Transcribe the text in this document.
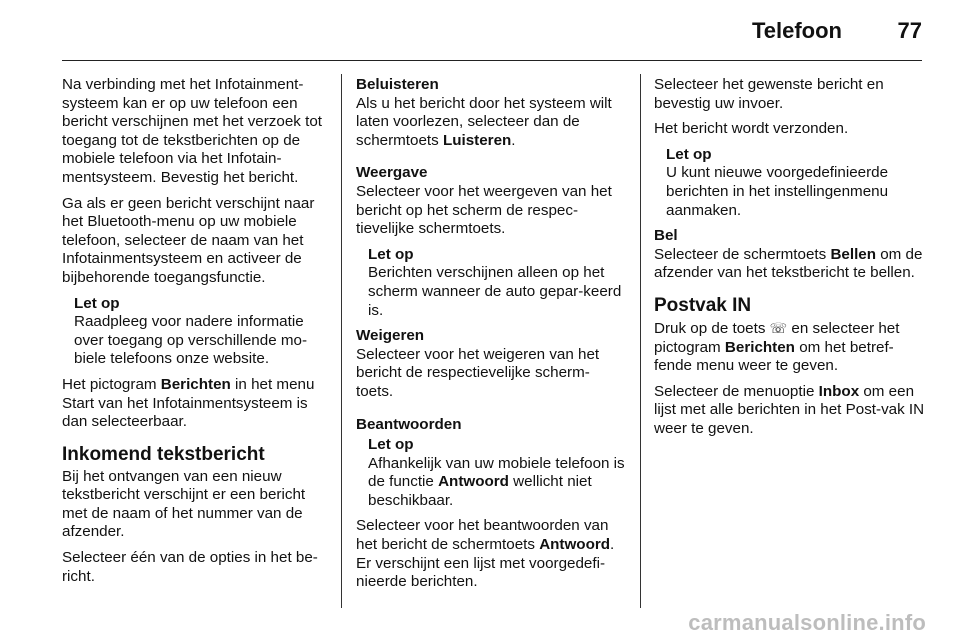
Telefoon	77

Na verbinding met het Infotainment-systeem kan er op uw telefoon een bericht verschijnen met het verzoek tot toegang tot de tekstberichten op de mobiele telefoon via het Infotain-mentsysteem. Bevestig het bericht.

Ga als er geen bericht verschijnt naar het Bluetooth-menu op uw mobiele telefoon, selecteer de naam van het Infotainmentsysteem en activeer de bijbehorende toegangsfunctie.

Let op
Raadpleeg voor nadere informatie over toegang op verschillende mo-biele telefoons onze website.

Het pictogram Berichten in het menu Start van het Infotainmentsysteem is dan selecteerbaar.

Inkomend tekstbericht

Bij het ontvangen van een nieuw tekstbericht verschijnt er een bericht met de naam of het nummer van de afzender.

Selecteer één van de opties in het be-richt.

Beluisteren
Als u het bericht door het systeem wilt laten voorlezen, selecteer dan de schermtoets Luisteren.

Weergave
Selecteer voor het weergeven van het bericht op het scherm de respec-tievelijke schermtoets.

Let op
Berichten verschijnen alleen op het scherm wanneer de auto gepar-keerd is.

Weigeren
Selecteer voor het weigeren van het bericht de respectievelijke scherm-toets.

Beantwoorden

Let op
Afhankelijk van uw mobiele telefoon is de functie Antwoord wellicht niet beschikbaar.

Selecteer voor het beantwoorden van het bericht de schermtoets Antwoord. Er verschijnt een lijst met voorgedefi-nieerde berichten.

Selecteer het gewenste bericht en bevestig uw invoer.

Het bericht wordt verzonden.

Let op
U kunt nieuwe voorgedefinieerde berichten in het instellingenmenu aanmaken.

Bel
Selecteer de schermtoets Bellen om de afzender van het tekstbericht te bellen.

Postvak IN

Druk op de toets ☏ en selecteer het pictogram Berichten om het betref-fende menu weer te geven.

Selecteer de menuoptie Inbox om een lijst met alle berichten in het Post-vak IN weer te geven.

carmanualsonline.info
